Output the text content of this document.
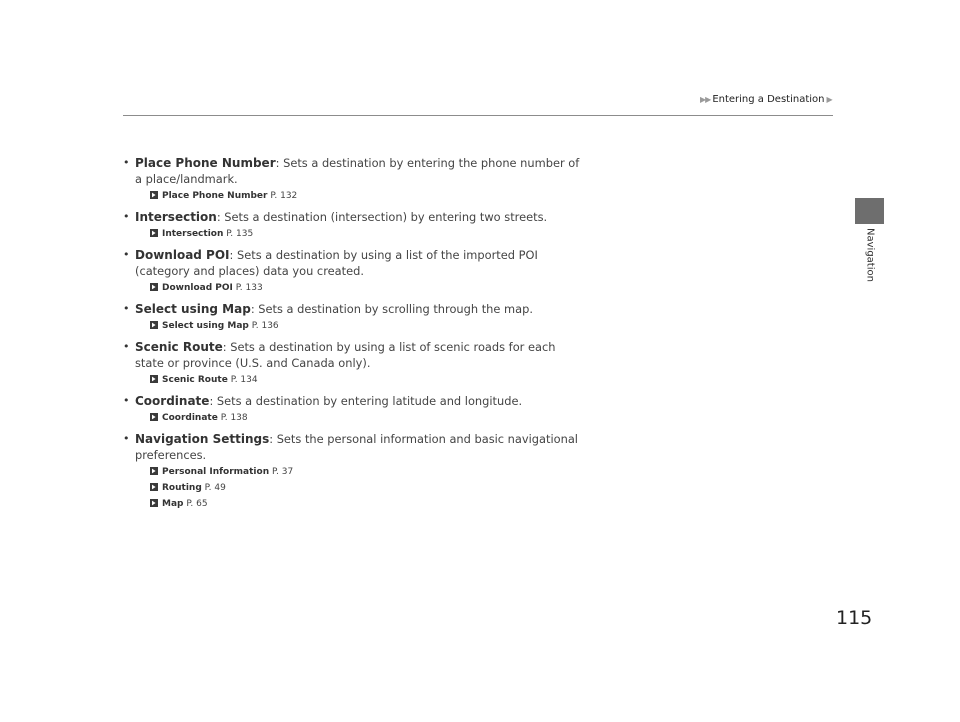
▶▶ Entering a Destination ▶
Navigation
• Place Phone Number: Sets a destination by entering the phone number of a place/landmark.
Place Phone Number P. 132
• Intersection: Sets a destination (intersection) by entering two streets.
Intersection P. 135
• Download POI: Sets a destination by using a list of the imported POI (category and places) data you created.
Download POI P. 133
• Select using Map: Sets a destination by scrolling through the map.
Select using Map P. 136
• Scenic Route: Sets a destination by using a list of scenic roads for each state or province (U.S. and Canada only).
Scenic Route P. 134
• Coordinate: Sets a destination by entering latitude and longitude.
Coordinate P. 138
• Navigation Settings: Sets the personal information and basic navigational preferences.
Personal Information P. 37
Routing P. 49
Map P. 65
115
